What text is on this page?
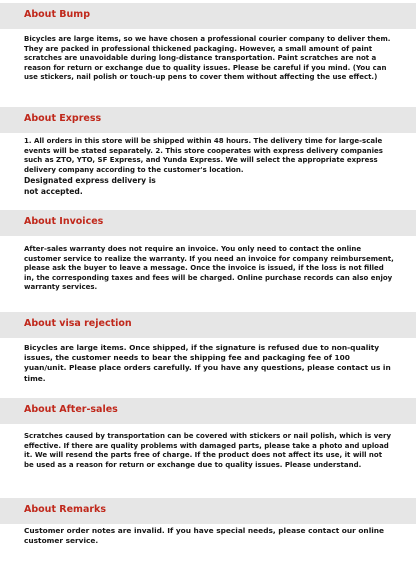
About Bump
Bicycles are large items, so we have chosen a professional courier company to deliver them. They are packed in professional thickened packaging. However, a small amount of paint scratches are unavoidable during long-distance transportation. Paint scratches are not a reason for return or exchange due to quality issues. Please be careful if you mind. (You can use stickers, nail polish or touch-up pens to cover them without affecting the use effect.)
About Express
1. All orders in this store will be shipped within 48 hours. The delivery time for large-scale events will be stated separately. 2. This store cooperates with express delivery companies such as ZTO, YTO, SF Express, and Yunda Express. We will select the appropriate express delivery company according to the customer's location.
Designated express delivery is
not accepted.
About Invoices
After-sales warranty does not require an invoice. You only need to contact the online customer service to realize the warranty. If you need an invoice for company reimbursement, please ask the buyer to leave a message. Once the invoice is issued, if the loss is not filled in, the corresponding taxes and fees will be charged. Online purchase records can also enjoy warranty services.
About visa rejection
Bicycles are large items. Once shipped, if the signature is refused due to non-quality issues, the customer needs to bear the shipping fee and packaging fee of 100 yuan/unit. Please place orders carefully. If you have any questions, please contact us in time.
About After-sales
Scratches caused by transportation can be covered with stickers or nail polish, which is very effective. If there are quality problems with damaged parts, please take a photo and upload it. We will resend the parts free of charge. If the product does not affect its use, it will not be used as a reason for return or exchange due to quality issues. Please understand.
About Remarks
Customer order notes are invalid. If you have special needs, please contact our online customer service.
